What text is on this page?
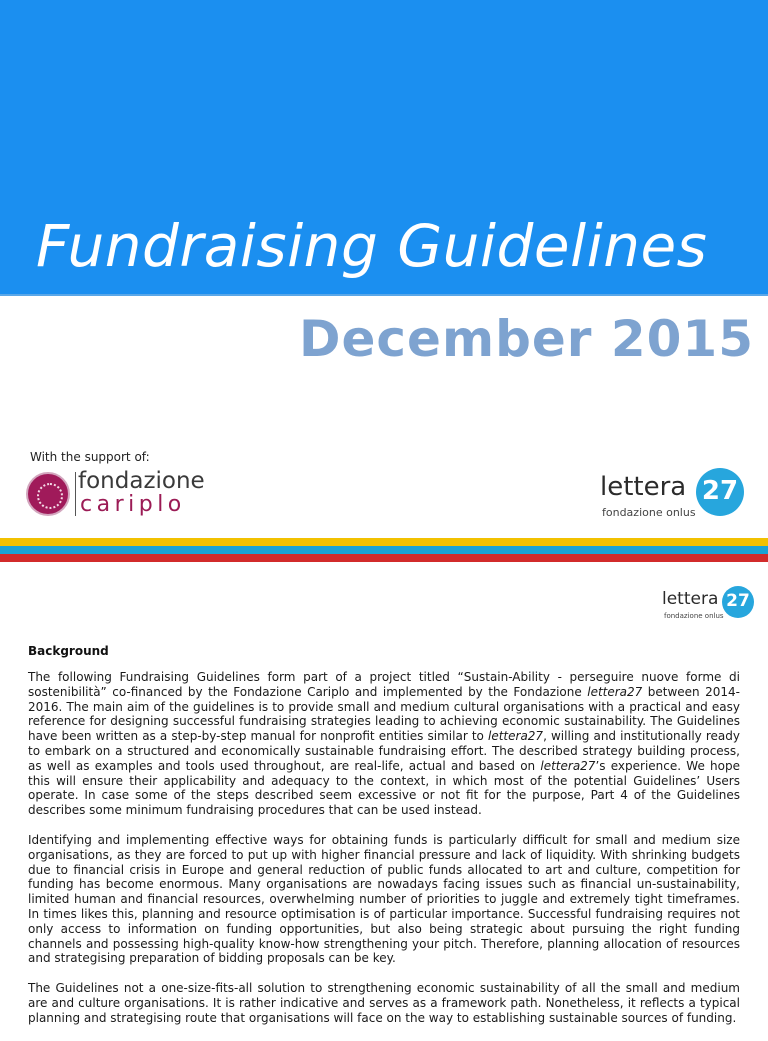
Fundraising Guidelines
December 2015
With the support of:
fondazione
cariplo
lettera 27
fondazione onlus
lettera 27
fondazione onlus
Background

The following Fundraising Guidelines form part of a project titled “Sustain-Ability - perseguire nuove forme di sostenibilità” co-financed by the Fondazione Cariplo and implemented by the Fondazione lettera27 between 2014-2016. The main aim of the guidelines is to provide small and medium cultural organisations with a practical and easy reference for designing successful fundraising strategies leading to achieving economic sustainability. The Guidelines have been written as a step-by-step manual for nonprofit entities similar to lettera27, willing and institutionally ready to embark on a structured and economically sustainable fundraising effort. The described strategy building process, as well as examples and tools used throughout, are real-life, actual and based on lettera27’s experience. We hope this will ensure their applicability and adequacy to the context, in which most of the potential Guidelines’ Users operate. In case some of the steps described seem excessive or not fit for the purpose, Part 4 of the Guidelines describes some minimum fundraising procedures that can be used instead.

Identifying and implementing effective ways for obtaining funds is particularly difficult for small and medium size organisations, as they are forced to put up with higher financial pressure and lack of liquidity. With shrinking budgets due to financial crisis in Europe and general reduction of public funds allocated to art and culture, competition for funding has become enormous. Many organisations are nowadays facing issues such as financial un-sustainability, limited human and financial resources, overwhelming number of priorities to juggle and extremely tight timeframes. In times likes this, planning and resource optimisation is of particular importance. Successful fundraising requires not only access to information on funding opportunities, but also being strategic about pursuing the right funding channels and possessing high-quality know-how strengthening your pitch. Therefore, planning allocation of resources and strategising preparation of bidding proposals can be key.

The Guidelines not a one-size-fits-all solution to strengthening economic sustainability of all the small and medium are and culture organisations. It is rather indicative and serves as a framework path. Nonetheless, it reflects a typical planning and strategising route that organisations will face on the way to establishing sustainable sources of funding.
